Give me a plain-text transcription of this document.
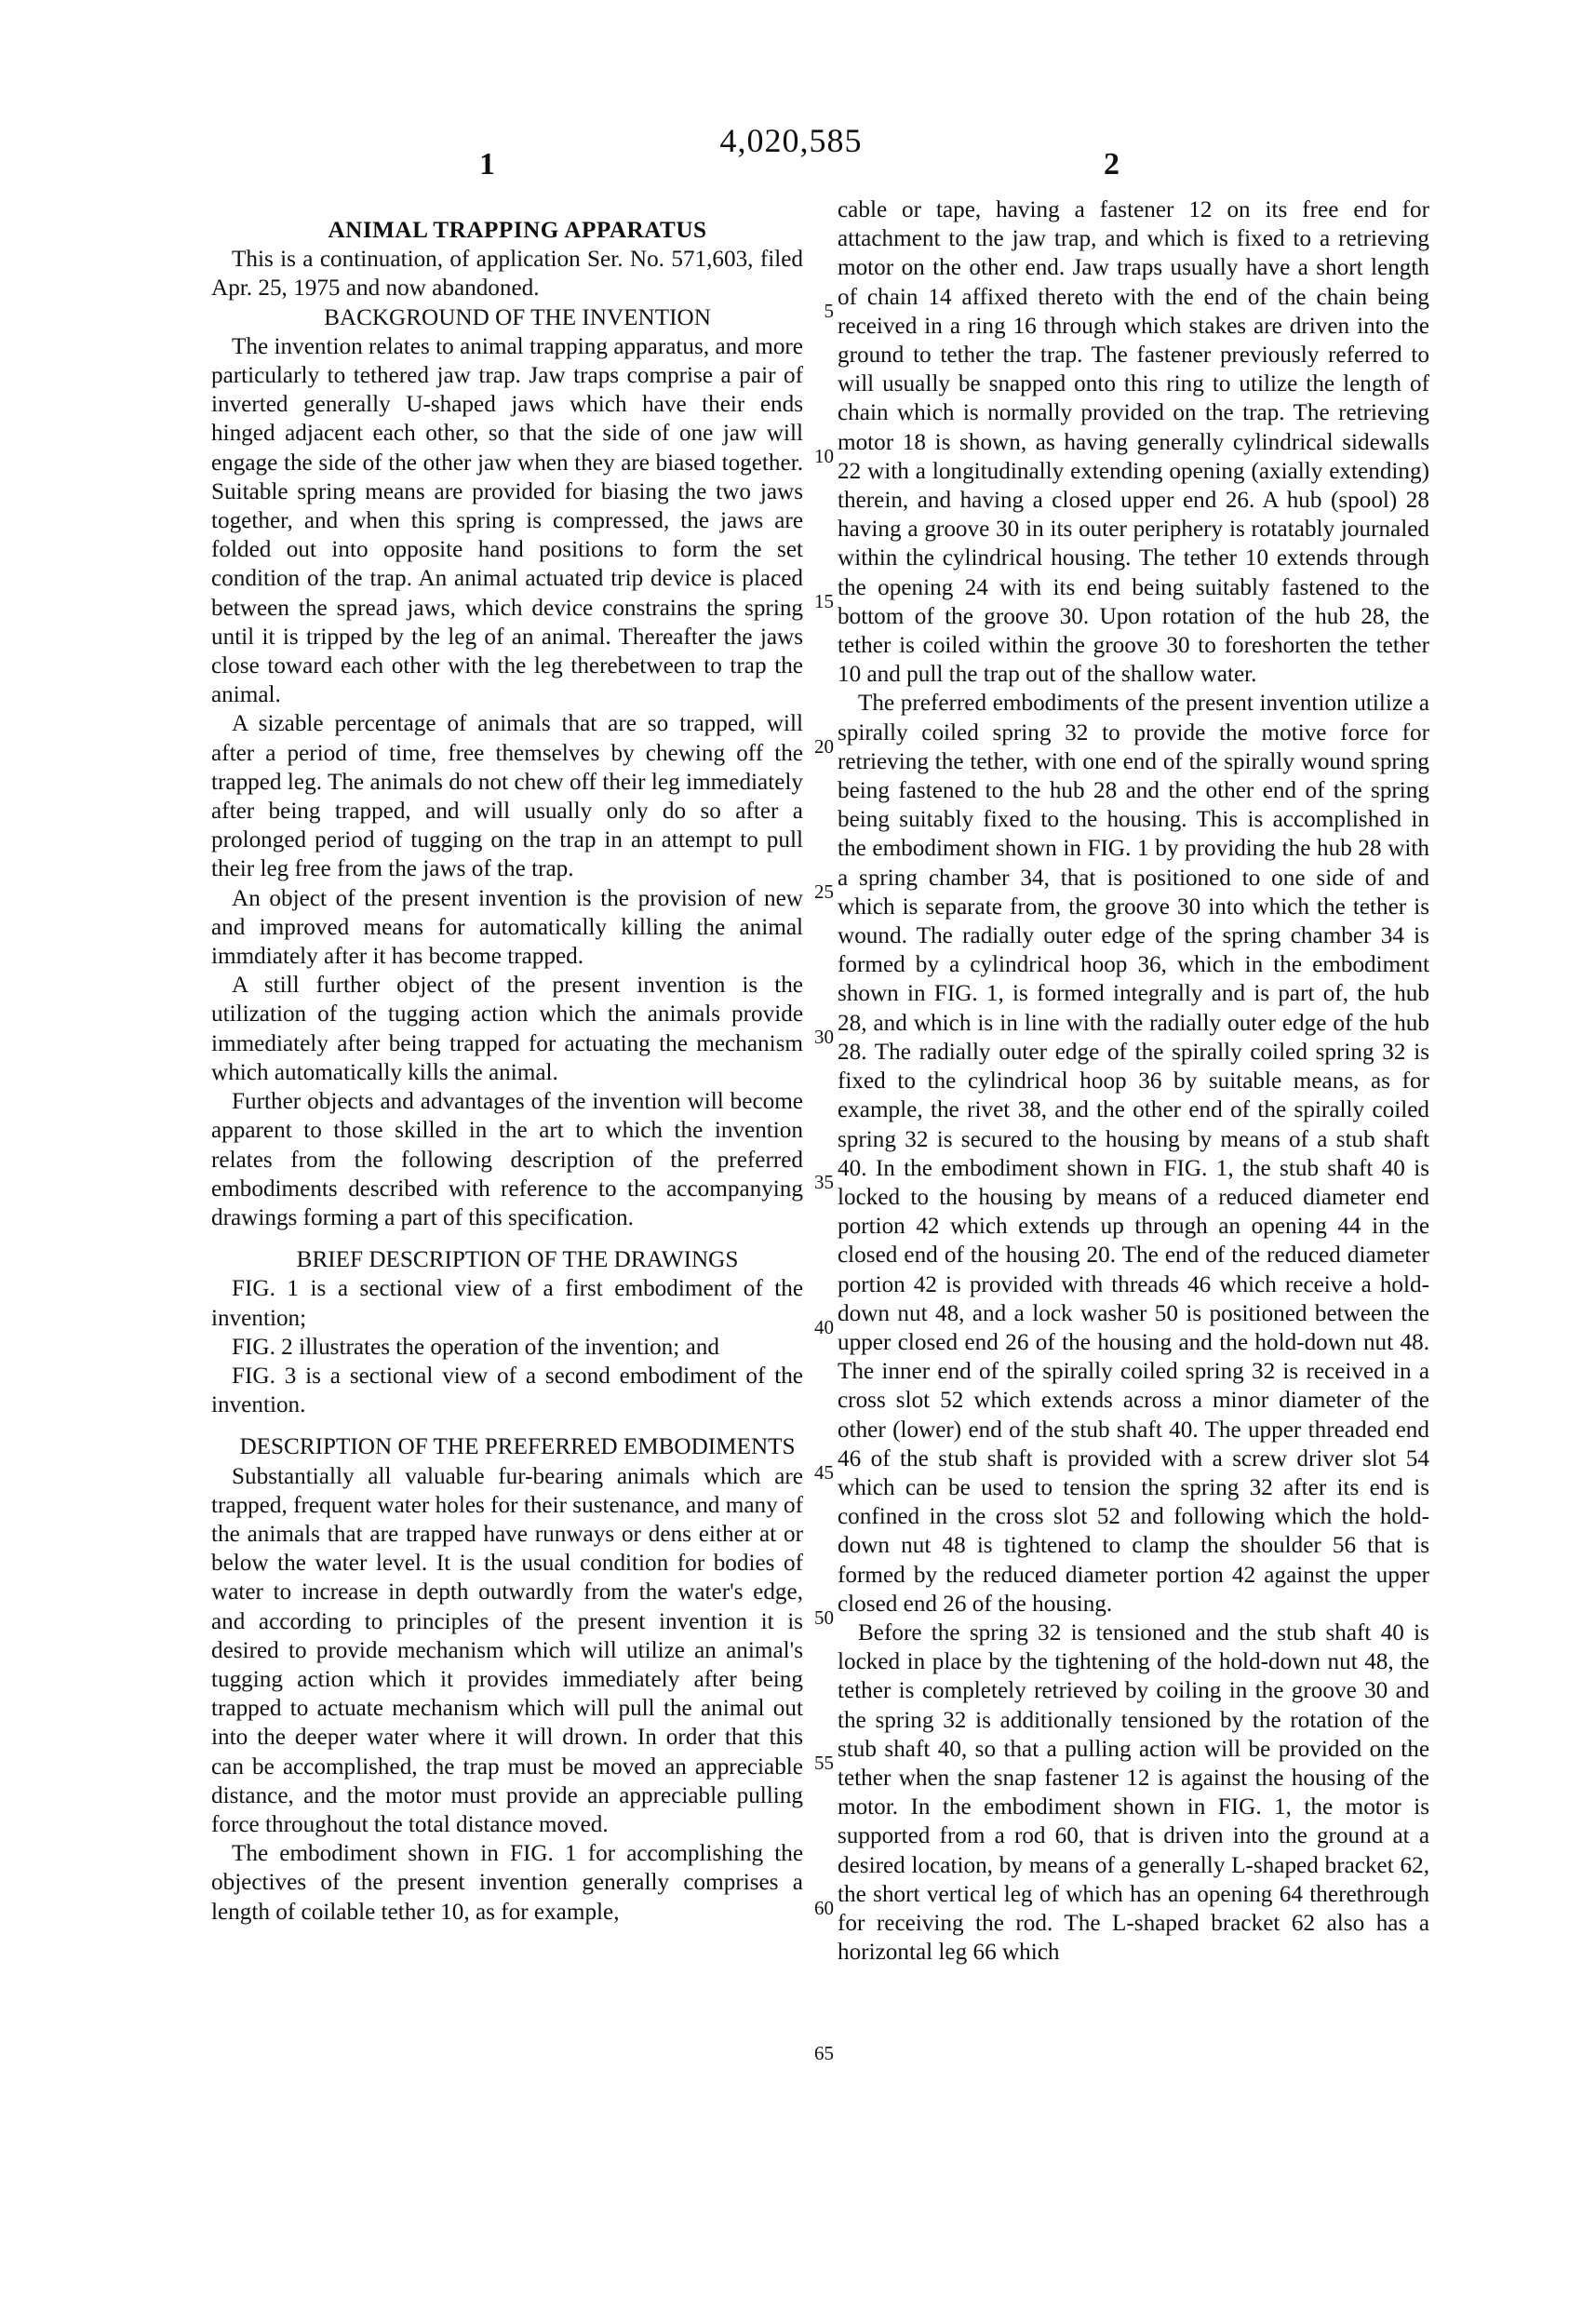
4,020,585
1	2

ANIMAL TRAPPING APPARATUS

This is a continuation, of application Ser. No. 571,603, filed Apr. 25, 1975 and now abandoned.

BACKGROUND OF THE INVENTION

The invention relates to animal trapping apparatus, and more particularly to tethered jaw trap. Jaw traps comprise a pair of inverted generally U-shaped jaws which have their ends hinged adjacent each other, so that the side of one jaw will engage the side of the other jaw when they are biased together. Suitable spring means are provided for biasing the two jaws together, and when this spring is compressed, the jaws are folded out into opposite hand positions to form the set condition of the trap. An animal actuated trip device is placed between the spread jaws, which device constrains the spring until it is tripped by the leg of an animal. Thereafter the jaws close toward each other with the leg therebetween to trap the animal.

A sizable percentage of animals that are so trapped, will after a period of time, free themselves by chewing off the trapped leg. The animals do not chew off their leg immediately after being trapped, and will usually only do so after a prolonged period of tugging on the trap in an attempt to pull their leg free from the jaws of the trap.

An object of the present invention is the provision of new and improved means for automatically killing the animal immdiately after it has become trapped.

A still further object of the present invention is the utilization of the tugging action which the animals provide immediately after being trapped for actuating the mechanism which automatically kills the animal.

Further objects and advantages of the invention will become apparent to those skilled in the art to which the invention relates from the following description of the preferred embodiments described with reference to the accompanying drawings forming a part of this specification.

BRIEF DESCRIPTION OF THE DRAWINGS

FIG. 1 is a sectional view of a first embodiment of the invention;

FIG. 2 illustrates the operation of the invention; and

FIG. 3 is a sectional view of a second embodiment of the invention.

DESCRIPTION OF THE PREFERRED EMBODIMENTS

Substantially all valuable fur-bearing animals which are trapped, frequent water holes for their sustenance, and many of the animals that are trapped have runways or dens either at or below the water level. It is the usual condition for bodies of water to increase in depth outwardly from the water's edge, and according to principles of the present invention it is desired to provide mechanism which will utilize an animal's tugging action which it provides immediately after being trapped to actuate mechanism which will pull the animal out into the deeper water where it will drown. In order that this can be accomplished, the trap must be moved an appreciable distance, and the motor must provide an appreciable pulling force throughout the total distance moved.

The embodiment shown in FIG. 1 for accomplishing the objectives of the present invention generally comprises a length of coilable tether 10, as for example,

5
10
15
20
25
30
35
40
45
50
55
60
65

cable or tape, having a fastener 12 on its free end for attachment to the jaw trap, and which is fixed to a retrieving motor on the other end. Jaw traps usually have a short length of chain 14 affixed thereto with the end of the chain being received in a ring 16 through which stakes are driven into the ground to tether the trap. The fastener previously referred to will usually be snapped onto this ring to utilize the length of chain which is normally provided on the trap. The retrieving motor 18 is shown, as having generally cylindrical sidewalls 22 with a longitudinally extending opening (axially extending) therein, and having a closed upper end 26. A hub (spool) 28 having a groove 30 in its outer periphery is rotatably journaled within the cylindrical housing. The tether 10 extends through the opening 24 with its end being suitably fastened to the bottom of the groove 30. Upon rotation of the hub 28, the tether is coiled within the groove 30 to foreshorten the tether 10 and pull the trap out of the shallow water.

The preferred embodiments of the present invention utilize a spirally coiled spring 32 to provide the motive force for retrieving the tether, with one end of the spirally wound spring being fastened to the hub 28 and the other end of the spring being suitably fixed to the housing. This is accomplished in the embodiment shown in FIG. 1 by providing the hub 28 with a spring chamber 34, that is positioned to one side of and which is separate from, the groove 30 into which the tether is wound. The radially outer edge of the spring chamber 34 is formed by a cylindrical hoop 36, which in the embodiment shown in FIG. 1, is formed integrally and is part of, the hub 28, and which is in line with the radially outer edge of the hub 28. The radially outer edge of the spirally coiled spring 32 is fixed to the cylindrical hoop 36 by suitable means, as for example, the rivet 38, and the other end of the spirally coiled spring 32 is secured to the housing by means of a stub shaft 40. In the embodiment shown in FIG. 1, the stub shaft 40 is locked to the housing by means of a reduced diameter end portion 42 which extends up through an opening 44 in the closed end of the housing 20. The end of the reduced diameter portion 42 is provided with threads 46 which receive a hold-down nut 48, and a lock washer 50 is positioned between the upper closed end 26 of the housing and the hold-down nut 48. The inner end of the spirally coiled spring 32 is received in a cross slot 52 which extends across a minor diameter of the other (lower) end of the stub shaft 40. The upper threaded end 46 of the stub shaft is provided with a screw driver slot 54 which can be used to tension the spring 32 after its end is confined in the cross slot 52 and following which the hold-down nut 48 is tightened to clamp the shoulder 56 that is formed by the reduced diameter portion 42 against the upper closed end 26 of the housing.

Before the spring 32 is tensioned and the stub shaft 40 is locked in place by the tightening of the hold-down nut 48, the tether is completely retrieved by coiling in the groove 30 and the spring 32 is additionally tensioned by the rotation of the stub shaft 40, so that a pulling action will be provided on the tether when the snap fastener 12 is against the housing of the motor. In the embodiment shown in FIG. 1, the motor is supported from a rod 60, that is driven into the ground at a desired location, by means of a generally L-shaped bracket 62, the short vertical leg of which has an opening 64 therethrough for receiving the rod. The L-shaped bracket 62 also has a horizontal leg 66 which
